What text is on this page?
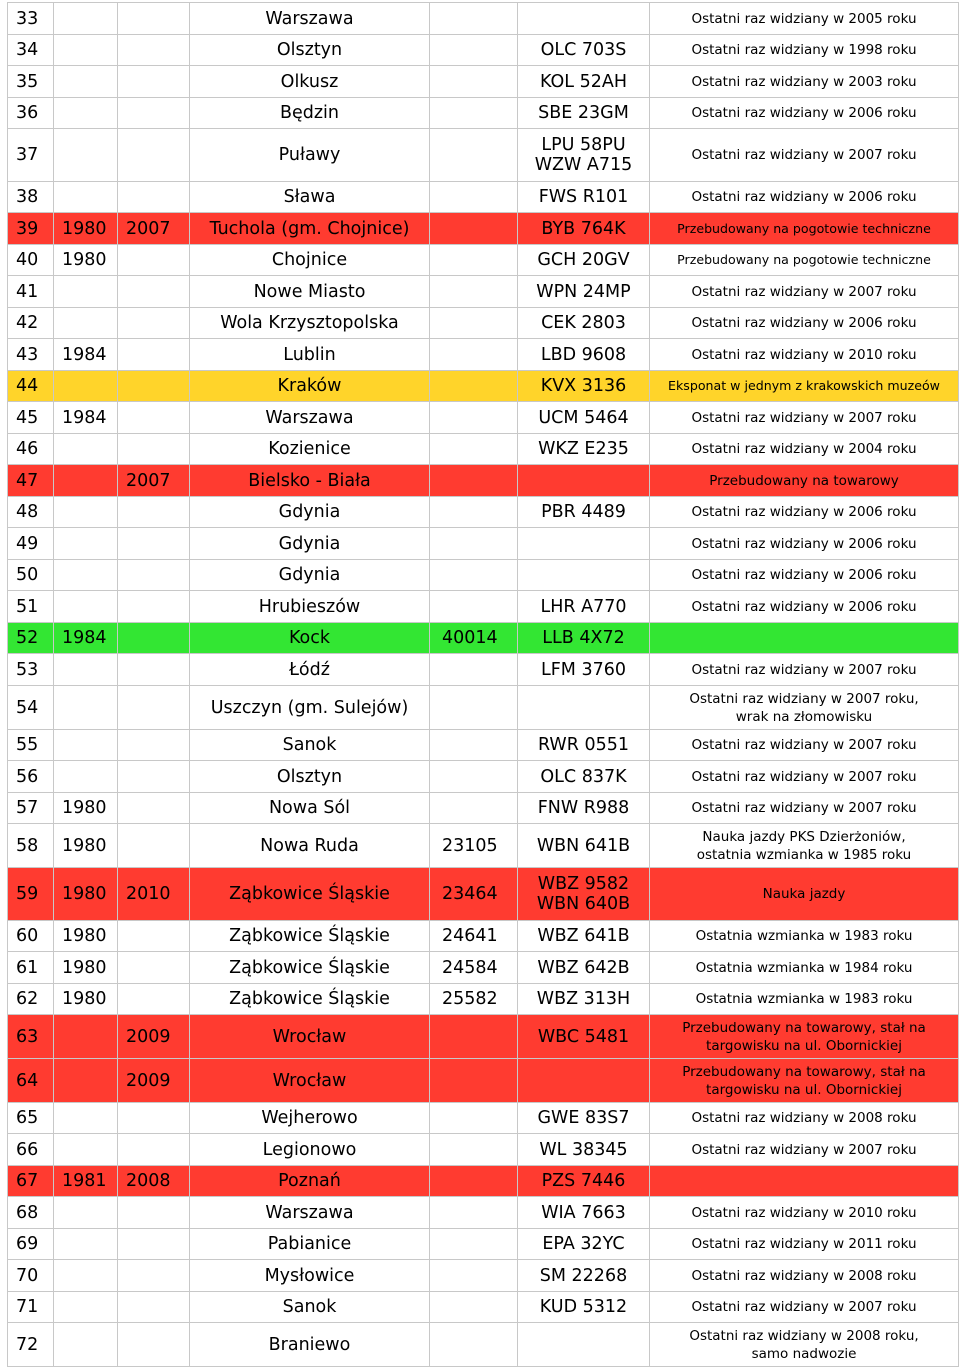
33			Warszawa			Ostatni raz widziany w 2005 roku

34			Olsztyn		OLC 703S	Ostatni raz widziany w 1998 roku

35			Olkusz		KOL 52AH	Ostatni raz widziany w 2003 roku

36			Będzin		SBE 23GM	Ostatni raz widziany w 2006 roku

37			Puławy		LPU 58PU
WZW A715	Ostatni raz widziany w 2007 roku

38			Sława		FWS R101	Ostatni raz widziany w 2006 roku

39	1980	2007	Tuchola (gm. Chojnice)		BYB 764K	Przebudowany na pogotowie techniczne

40	1980		Chojnice		GCH 20GV	Przebudowany na pogotowie techniczne

41			Nowe Miasto		WPN 24MP	Ostatni raz widziany w 2007 roku

42			Wola Krzysztopolska		CEK 2803	Ostatni raz widziany w 2006 roku

43	1984		Lublin		LBD 9608	Ostatni raz widziany w 2010 roku

44			Kraków		KVX 3136	Eksponat w jednym z krakowskich muzeów

45	1984		Warszawa		UCM 5464	Ostatni raz widziany w 2007 roku

46			Kozienice		WKZ E235	Ostatni raz widziany w 2004 roku

47		2007	Bielsko - Biała			Przebudowany na towarowy

48			Gdynia		PBR 4489	Ostatni raz widziany w 2006 roku

49			Gdynia			Ostatni raz widziany w 2006 roku

50			Gdynia			Ostatni raz widziany w 2006 roku

51			Hrubieszów		LHR A770	Ostatni raz widziany w 2006 roku

52	1984		Kock	40014	LLB 4X72	

53			Łódź		LFM 3760	Ostatni raz widziany w 2007 roku

54			Uszczyn (gm. Sulejów)			Ostatni raz widziany w 2007 roku,
wrak na złomowisku

55			Sanok		RWR 0551	Ostatni raz widziany w 2007 roku

56			Olsztyn		OLC 837K	Ostatni raz widziany w 2007 roku

57	1980		Nowa Sól		FNW R988	Ostatni raz widziany w 2007 roku

58	1980		Nowa Ruda	23105	WBN 641B	Nauka jazdy PKS Dzierżoniów,
ostatnia wzmianka w 1985 roku

59	1980	2010	Ząbkowice Śląskie	23464	WBZ 9582
WBN 640B	Nauka jazdy

60	1980		Ząbkowice Śląskie	24641	WBZ 641B	Ostatnia wzmianka w 1983 roku

61	1980		Ząbkowice Śląskie	24584	WBZ 642B	Ostatnia wzmianka w 1984 roku

62	1980		Ząbkowice Śląskie	25582	WBZ 313H	Ostatnia wzmianka w 1983 roku

63		2009	Wrocław		WBC 5481	Przebudowany na towarowy, stał na
targowisku na ul. Obornickiej

64		2009	Wrocław			Przebudowany na towarowy, stał na
targowisku na ul. Obornickiej

65			Wejherowo		GWE 83S7	Ostatni raz widziany w 2008 roku

66			Legionowo		WL 38345	Ostatni raz widziany w 2007 roku

67	1981	2008	Poznań		PZS 7446	

68			Warszawa		WIA 7663	Ostatni raz widziany w 2010 roku

69			Pabianice		EPA 32YC	Ostatni raz widziany w 2011 roku

70			Mysłowice		SM 22268	Ostatni raz widziany w 2008 roku

71			Sanok		KUD 5312	Ostatni raz widziany w 2007 roku

72			Braniewo			Ostatni raz widziany w 2008 roku,
samo nadwozie
